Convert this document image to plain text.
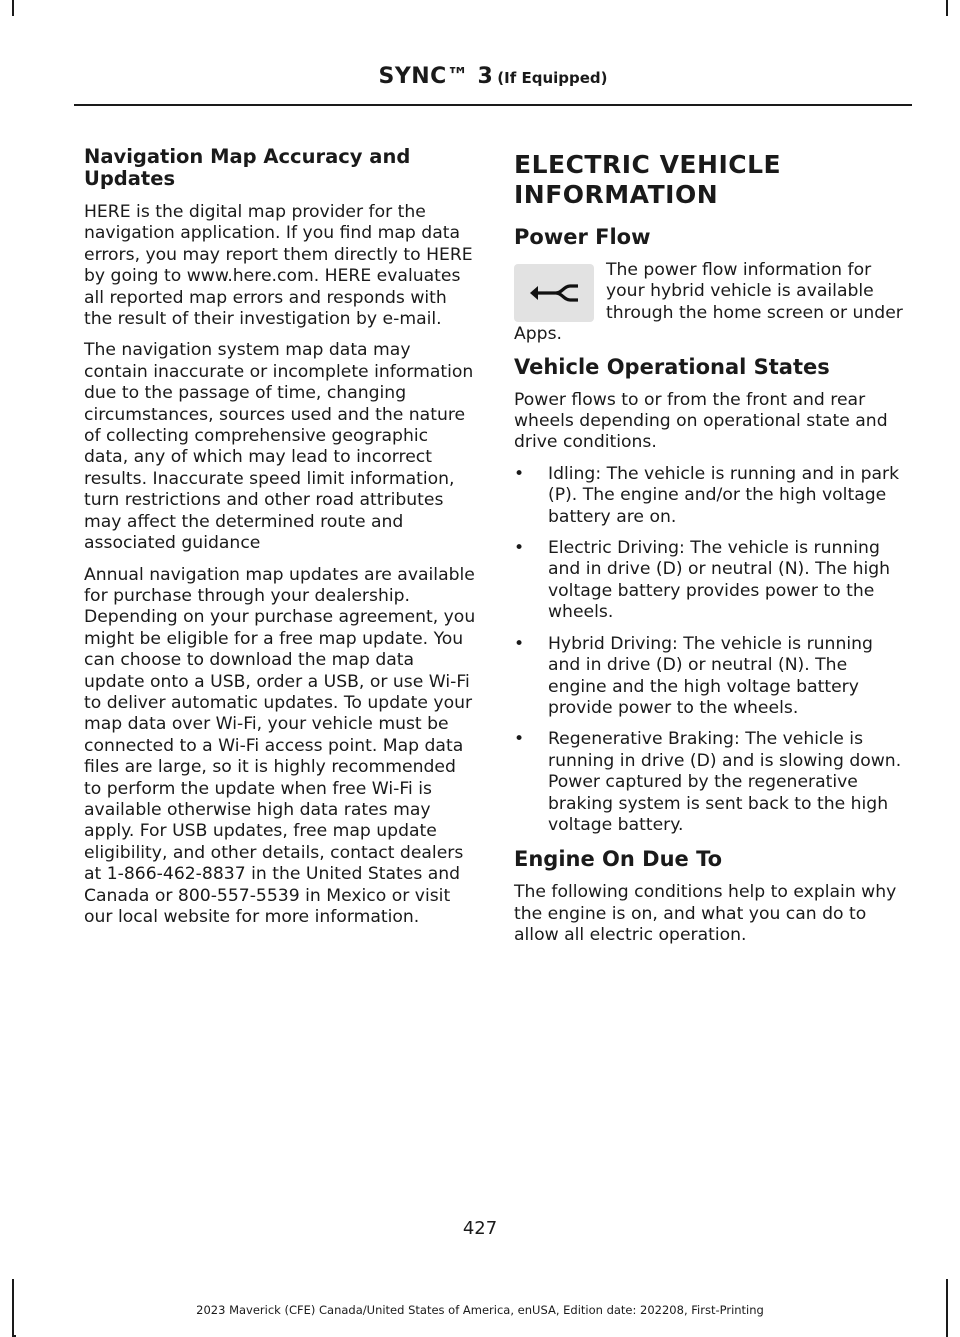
SYNC™ 3 (If Equipped)
Navigation Map Accuracy and Updates

HERE is the digital map provider for the navigation application. If you find map data errors, you may report them directly to HERE by going to www.here.com. HERE evaluates all reported map errors and responds with the result of their investigation by e-mail.

The navigation system map data may contain inaccurate or incomplete information due to the passage of time, changing circumstances, sources used and the nature of collecting comprehensive geographic data, any of which may lead to incorrect results. Inaccurate speed limit information, turn restrictions and other road attributes may affect the determined route and associated guidance

Annual navigation map updates are available for purchase through your dealership. Depending on your purchase agreement, you might be eligible for a free map update. You can choose to download the map data update onto a USB, order a USB, or use Wi-Fi to deliver automatic updates. To update your map data over Wi-Fi, your vehicle must be connected to a Wi-Fi access point. Map data files are large, so it is highly recommended to perform the update when free Wi-Fi is available otherwise high data rates may apply. For USB updates, free map update eligibility, and other details, contact dealers at 1-866-462-8837 in the United States and Canada or 800-557-5539 in Mexico or visit our local website for more information.

ELECTRIC VEHICLE INFORMATION
Power Flow

The power flow information for your hybrid vehicle is available through the home screen or under Apps.

Vehicle Operational States

Power flows to or from the front and rear wheels depending on operational state and drive conditions.

• Idling: The vehicle is running and in park (P). The engine and/or the high voltage battery are on.
• Electric Driving: The vehicle is running and in drive (D) or neutral (N). The high voltage battery provides power to the wheels.
• Hybrid Driving: The vehicle is running and in drive (D) or neutral (N). The engine and the high voltage battery provide power to the wheels.
• Regenerative Braking: The vehicle is running in drive (D) and is slowing down. Power captured by the regenerative braking system is sent back to the high voltage battery.
Engine On Due To

The following conditions help to explain why the engine is on, and what you can do to allow all electric operation.

427
2023 Maverick (CFE) Canada/United States of America, enUSA, Edition date: 202208, First-Printing
